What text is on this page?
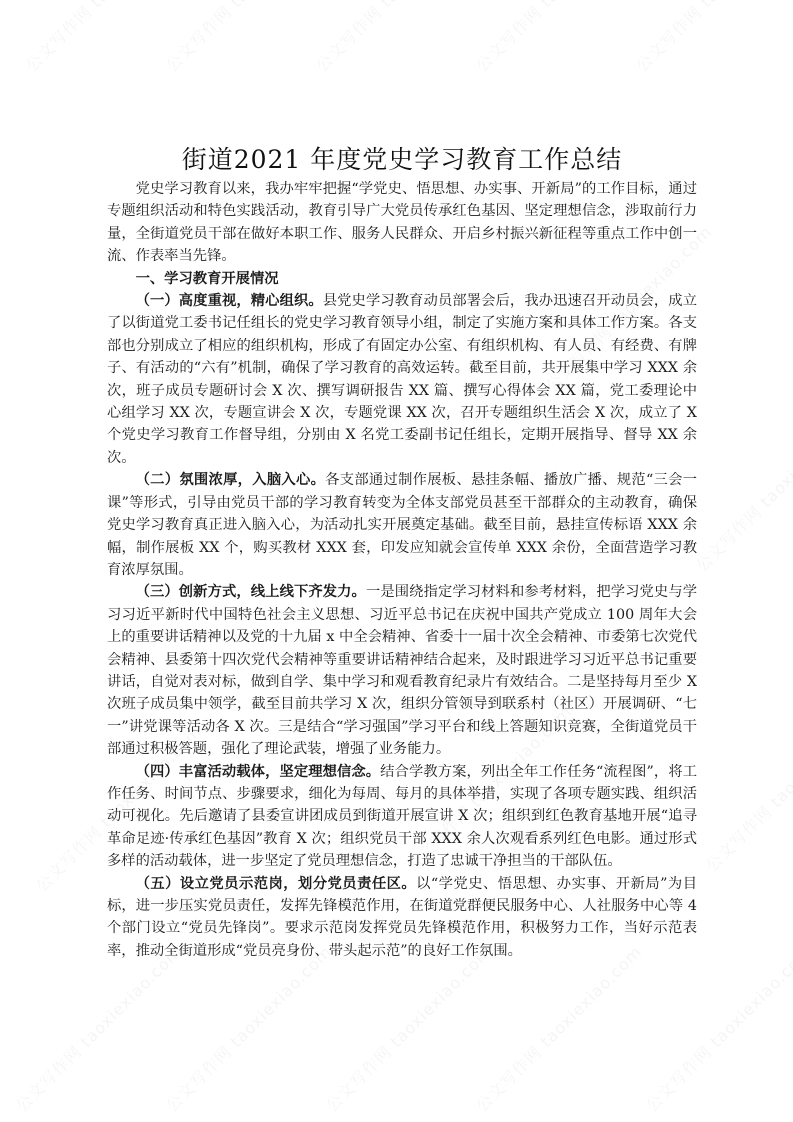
街道2021 年度党史学习教育工作总结

党史学习教育以来，我办牢牢把握“学党史、悟思想、办实事、开新局”的工作目标，通过专题组织活动和特色实践活动，教育引导广大党员传承红色基因、坚定理想信念，涉取前行力量，全街道党员干部在做好本职工作、服务人民群众、开启乡村振兴新征程等重点工作中创一流、作表率当先锋。

一、学习教育开展情况

（一）高度重视，精心组织。县党史学习教育动员部署会后，我办迅速召开动员会，成立了以街道党工委书记任组长的党史学习教育领导小组，制定了实施方案和具体工作方案。各支部也分别成立了相应的组织机构，形成了有固定办公室、有组织机构、有人员、有经费、有牌子、有活动的“六有”机制，确保了学习教育的高效运转。截至目前，共开展集中学习 XXX 余次，班子成员专题研讨会 X 次、撰写调研报告 XX 篇、撰写心得体会 XX 篇，党工委理论中心组学习 XX 次，专题宣讲会 X 次，专题党课 XX 次，召开专题组织生活会 X 次，成立了 X 个党史学习教育工作督导组，分别由 X 名党工委副书记任组长，定期开展指导、督导 XX 余次。

（二）氛围浓厚，入脑入心。各支部通过制作展板、悬挂条幅、播放广播、规范“三会一课”等形式，引导由党员干部的学习教育转变为全体支部党员甚至干部群众的主动教育，确保党史学习教育真正进入脑入心，为活动扎实开展奠定基础。截至目前，悬挂宣传标语 XXX 余幅，制作展板 XX 个，购买教材 XXX 套，印发应知就会宣传单 XXX 余份，全面营造学习教育浓厚氛围。

（三）创新方式，线上线下齐发力。一是围绕指定学习材料和参考材料，把学习党史与学习习近平新时代中国特色社会主义思想、习近平总书记在庆祝中国共产党成立 100 周年大会上的重要讲话精神以及党的十九届 x 中全会精神、省委十一届十次全会精神、市委第七次党代会精神、县委第十四次党代会精神等重要讲话精神结合起来，及时跟进学习习近平总书记重要讲话，自觉对表对标，做到自学、集中学习和观看教育纪录片有效结合。二是坚持每月至少 X 次班子成员集中领学，截至目前共学习 X 次，组织分管领导到联系村（社区）开展调研、“七一”讲党课等活动各 X 次。三是结合“学习强国”学习平台和线上答题知识竞赛，全街道党员干部通过积极答题，强化了理论武装，增强了业务能力。

（四）丰富活动载体，坚定理想信念。结合学教方案，列出全年工作任务“流程图”，将工作任务、时间节点、步骤要求，细化为每周、每月的具体举措，实现了各项专题实践、组织活动可视化。先后邀请了县委宣讲团成员到街道开展宣讲 X 次；组织到红色教育基地开展“追寻革命足迹·传承红色基因”教育 X 次；组织党员干部 XXX 余人次观看系列红色电影。通过形式多样的活动载体，进一步坚定了党员理想信念，打造了忠诚干净担当的干部队伍。

（五）设立党员示范岗，划分党员责任区。以“学党史、悟思想、办实事、开新局”为目标，进一步压实党员责任，发挥先锋模范作用，在街道党群便民服务中心、人社服务中心等 4 个部门设立“党员先锋岗”。要求示范岗发挥党员先锋模范作用，积极努力工作，当好示范表率，推动全街道形成“党员亮身份、带头起示范”的良好工作氛围。
